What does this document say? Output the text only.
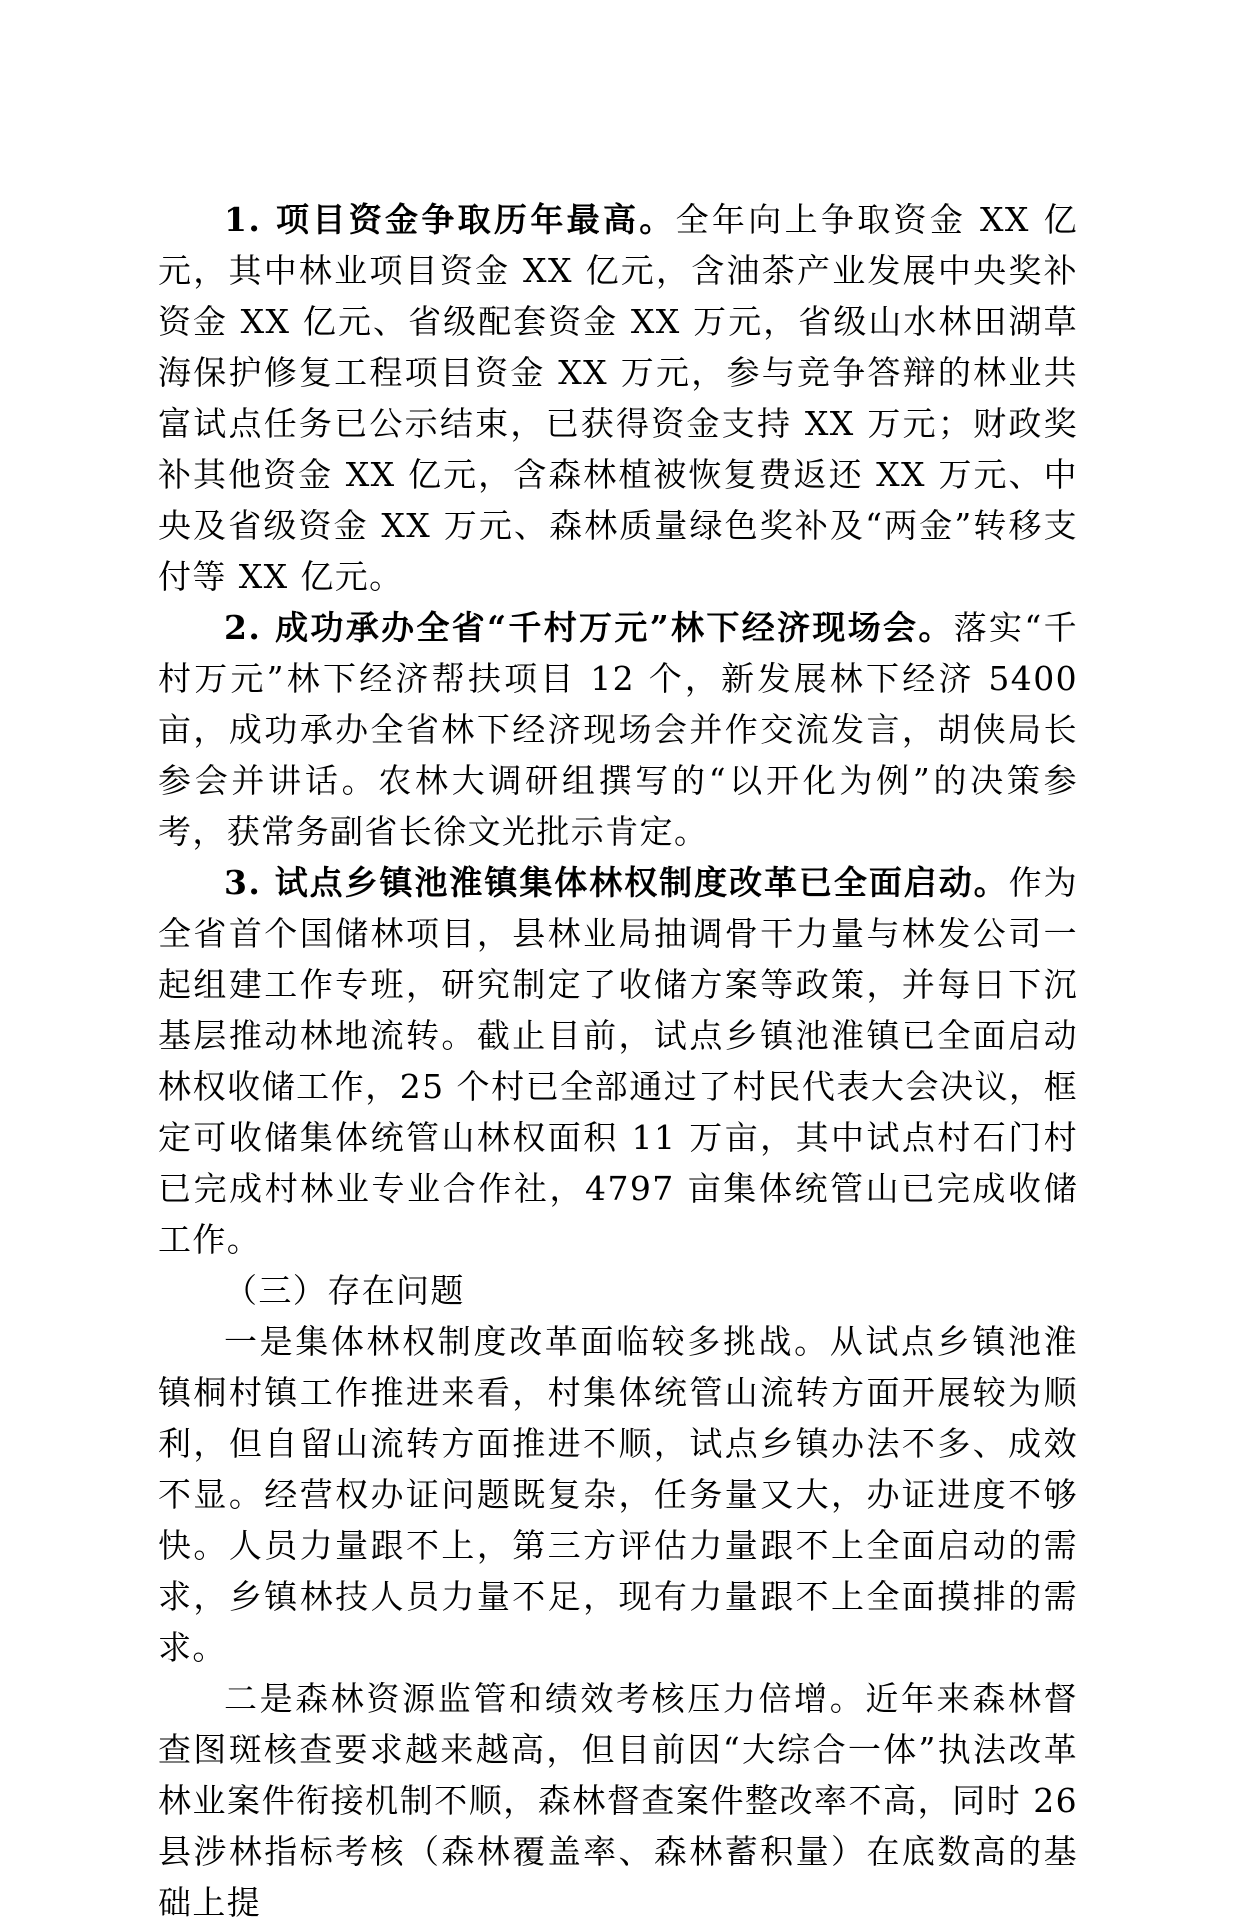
1. 项目资金争取历年最高。全年向上争取资金 XX 亿元，其中林业项目资金 XX 亿元，含油茶产业发展中央奖补资金 XX 亿元、省级配套资金 XX 万元，省级山水林田湖草海保护修复工程项目资金 XX 万元，参与竞争答辩的林业共富试点任务已公示结束，已获得资金支持 XX 万元；财政奖补其他资金 XX 亿元，含森林植被恢复费返还 XX 万元、中央及省级资金 XX 万元、森林质量绿色奖补及“两金”转移支付等 XX 亿元。

2. 成功承办全省“千村万元”林下经济现场会。落实“千村万元”林下经济帮扶项目 12 个，新发展林下经济 5400 亩，成功承办全省林下经济现场会并作交流发言，胡侠局长参会并讲话。农林大调研组撰写的“以开化为例”的决策参考，获常务副省长徐文光批示肯定。

3. 试点乡镇池淮镇集体林权制度改革已全面启动。作为全省首个国储林项目，县林业局抽调骨干力量与林发公司一起组建工作专班，研究制定了收储方案等政策，并每日下沉基层推动林地流转。截止目前，试点乡镇池淮镇已全面启动林权收储工作，25 个村已全部通过了村民代表大会决议，框定可收储集体统管山林权面积 11 万亩，其中试点村石门村已完成村林业专业合作社，4797 亩集体统管山已完成收储工作。

（三）存在问题

一是集体林权制度改革面临较多挑战。从试点乡镇池淮镇桐村镇工作推进来看，村集体统管山流转方面开展较为顺利，但自留山流转方面推进不顺，试点乡镇办法不多、成效不显。经营权办证问题既复杂，任务量又大，办证进度不够快。人员力量跟不上，第三方评估力量跟不上全面启动的需求，乡镇林技人员力量不足，现有力量跟不上全面摸排的需求。

二是森林资源监管和绩效考核压力倍增。近年来森林督查图斑核查要求越来越高，但目前因“大综合一体”执法改革林业案件衔接机制不顺，森林督查案件整改率不高，同时 26 县涉林指标考核（森林覆盖率、森林蓄积量）在底数高的基础上提
